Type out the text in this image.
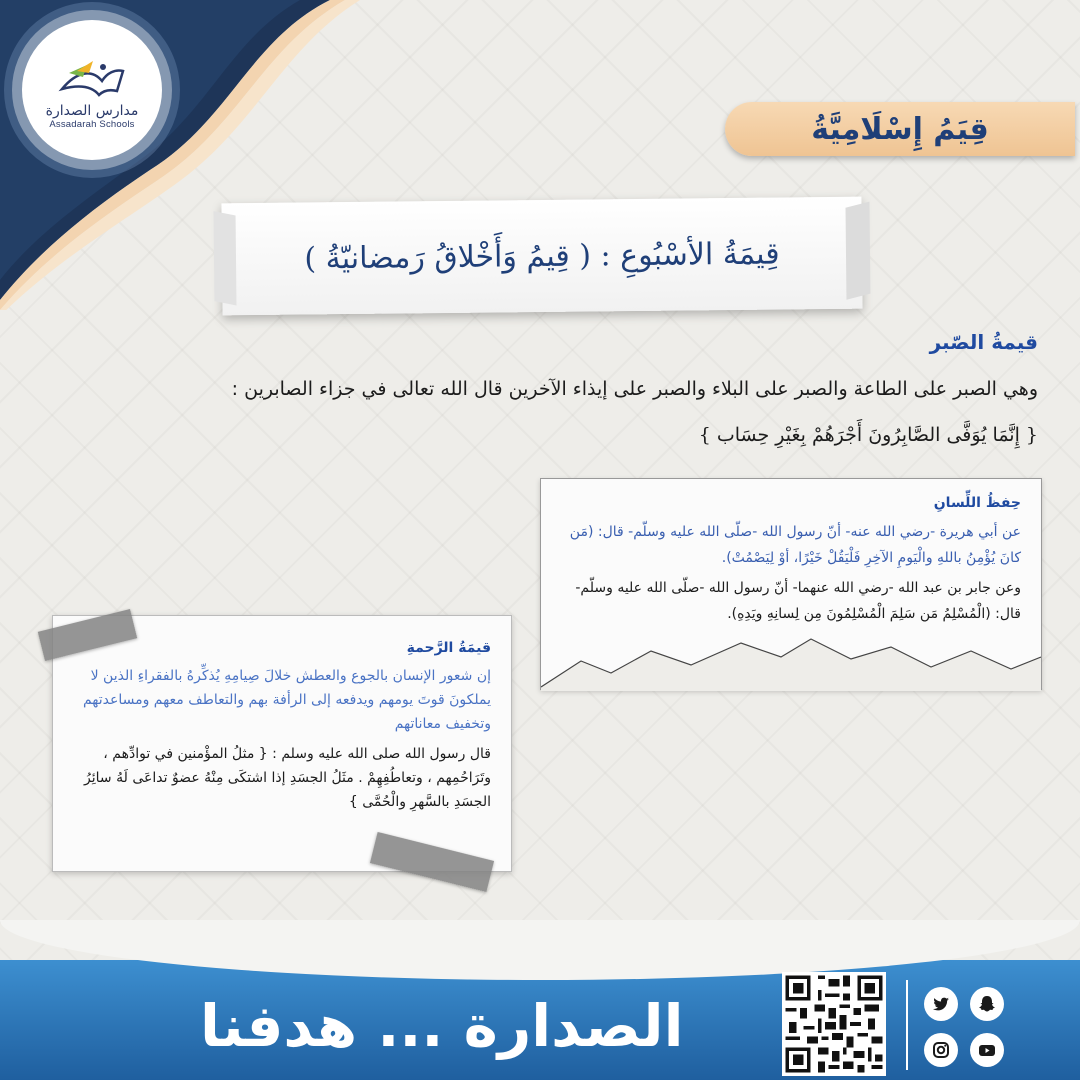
مدارس الصدارة
Assadarah Schools	قِيَمُ إِسْلَامِيَّةُ
قِيمَةُ الأسْبُوعِ : ( قِيمُ وَأَخْلاقُ رَمضانيّةُ )
قيمةُ الصّبر
وهي الصبر على الطاعة والصبر على البلاء والصبر على إيذاء الآخرين قال الله تعالى في جزاء الصابرين :
{ إِنَّمَا يُوَفَّى الصَّابِرُونَ أَجْرَهُمْ بِغَيْرِ حِسَاب }
حِفظُ اللِّسانِ
عن أبي هريرة -رضي الله عنه- أنّ رسول الله -صلّى الله عليه وسلّم- قال: (مَن كانَ يُؤْمِنُ باللهِ والْيَومِ الآخِرِ فَلْيَقُلْ خَيْرًا، أوْ لِيَصْمُتْ).
وعن جابر بن عبد الله -رضي الله عنهما- أنّ رسول الله -صلّى الله عليه وسلّم- قال: (الْمُسْلِمُ مَن سَلِمَ الْمُسْلِمُونَ مِن لِسانِهِ ويَدِهِ).
قيمَةُ الرَّحمةِ
إن شعور الإنسان بالجوع والعطش خلالَ صِيامِهِ يُذكِّرهُ بالفقراءِ الذين لا يملكونَ قوتَ يومهم ويدفعه إلى الرأفة بهم والتعاطف معهم ومساعدتهم وتخفيف معاناتهم
قال رسول الله صلى الله عليه وسلم : { مثلُ المؤْمنين في توادِّهم ، وتَرَاحُمِهم ، وتعاطُفِهِمْ . مثَلُ الجسَدِ إذا اشتكَى مِنْهُ عضوٌ تداعَى لَهُ سائِرُ الجسَدِ بالسَّهرِ والْحُمَّى }
الصدارة ... هدفنا
